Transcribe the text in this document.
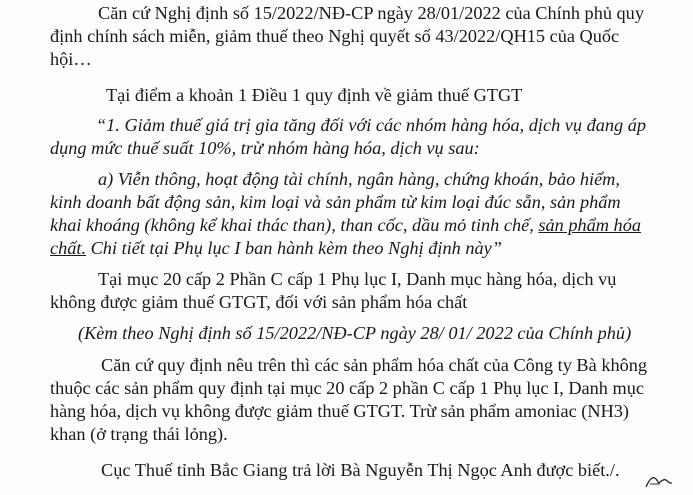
Căn cứ Nghị định số 15/2022/NĐ-CP ngày 28/01/2022 của Chính phủ quy
định chính sách miễn, giảm thuế theo Nghị quyết số 43/2022/QH15 của Quốc
hội…
Tại điểm a khoản 1 Điều 1 quy định về giảm thuế GTGT
“1. Giảm thuế giá trị gia tăng đối với các nhóm hàng hóa, dịch vụ đang áp
dụng mức thuế suất 10%, trừ nhóm hàng hóa, dịch vụ sau:
a) Viễn thông, hoạt động tài chính, ngân hàng, chứng khoán, bảo hiểm,
kinh doanh bất động sản, kim loại và sản phẩm từ kim loại đúc sẵn, sản phẩm
khai khoáng (không kể khai thác than), than cốc, dầu mỏ tinh chế, sản phẩm hóa
chất. Chi tiết tại Phụ lục I ban hành kèm theo Nghị định này”
Tại mục 20 cấp 2 Phần C cấp 1 Phụ lục I, Danh mục hàng hóa, dịch vụ
không được giảm thuế GTGT, đối với sản phẩm hóa chất
(Kèm theo Nghị định số 15/2022/NĐ-CP ngày 28/ 01/ 2022 của Chính phủ)
Căn cứ quy định nêu trên thì các sản phẩm hóa chất của Công ty Bà không
thuộc các sản phẩm quy định tại mục 20 cấp 2 phần C cấp 1 Phụ lục I, Danh mục
hàng hóa, dịch vụ không được giảm thuế GTGT. Trừ sản phẩm amoniac (NH3)
khan (ở trạng thái lỏng).
Cục Thuế tỉnh Bắc Giang trả lời Bà Nguyễn Thị Ngọc Anh được biết./.
